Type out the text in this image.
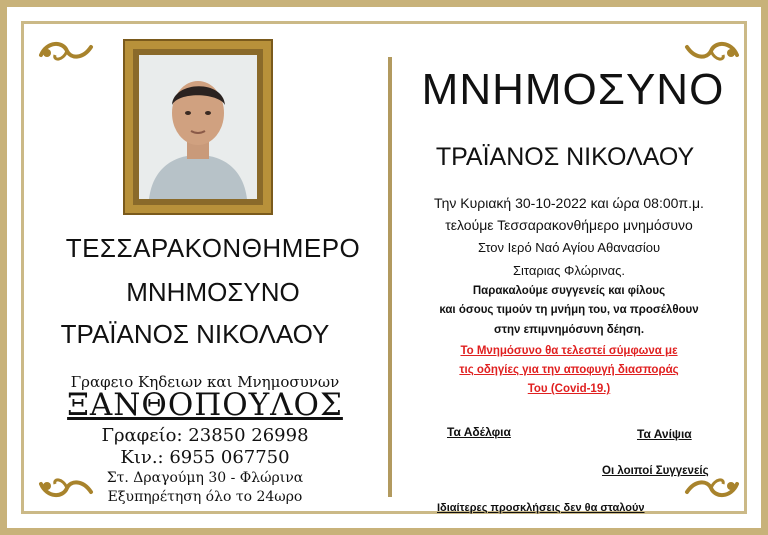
ΤΕΣΣΑΡΑΚΟΝΘΗΜΕΡΟ
ΜΝΗΜΟΣΥΝΟ
ΤΡΑΪΑΝΟΣ ΝΙΚΟΛΑΟΥ
Γραφειο Κηδειων και Μνημοσυνων
ΞΑΝΘΟΠΟΥΛΟΣ
Γραφείο: 23850 26998
Κιν.: 6955 067750
Στ. Δραγούμη 30 - Φλώρινα
Εξυπηρέτηση όλο το 24ωρο
ΜΝΗΜΟΣΥΝΟ
ΤΡΑΪΑΝΟΣ ΝΙΚΟΛΑΟΥ
Την Κυριακή 30-10-2022 και ώρα 08:00π.μ.
τελούμε Τεσσαρακονθήμερο μνημόσυνο
Στον Ιερό Ναό Αγίου Αθανασίου
Σιταριας Φλώρινας.
Παρακαλούμε συγγενείς και φίλους
και όσους τιμούν τη μνήμη του, να προσέλθουν
στην επιμνημόσυνη δέηση.
Το Μνημόσυνο θα τελεστεί σύμφωνα με
τις οδηγίες για την αποφυγή διασποράς
Του (Covid-19.)
Τα Αδέλφια	Τα Ανίψια
Οι λοιποί Συγγενείς
Ιδιαίτερες προσκλήσεις δεν θα σταλούν
